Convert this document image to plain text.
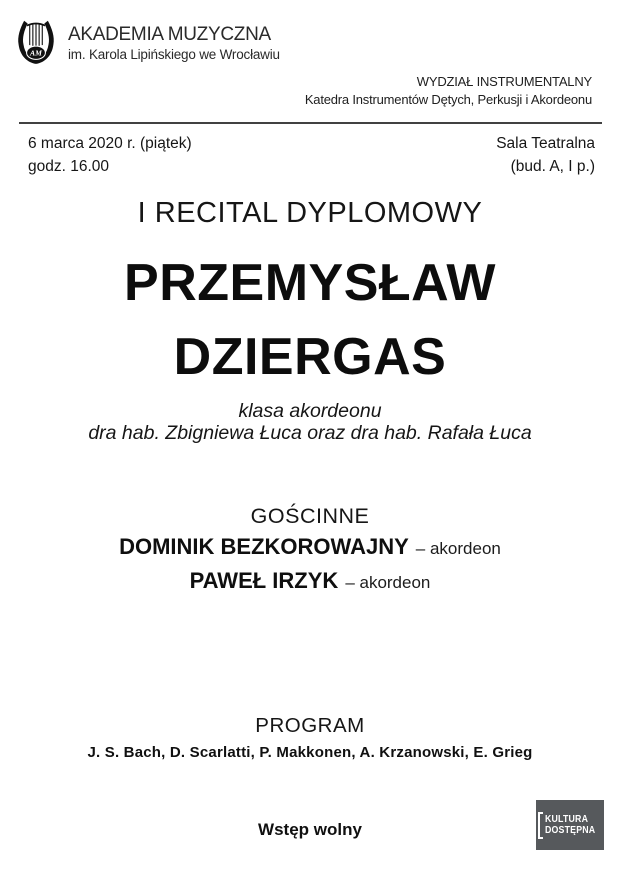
AM
AKADEMIA MUZYCZNA
im. Karola Lipińskiego we Wrocławiu
WYDZIAŁ INSTRUMENTALNY
Katedra Instrumentów Dętych, Perkusji i Akordeonu
6 marca 2020 r. (piątek)
godz. 16.00
Sala Teatralna
(bud. A, I p.)
I RECITAL DYPLOMOWY
PRZEMYSŁAW
DZIERGAS
klasa akordeonu
dra hab. Zbigniewa Łuca oraz dra hab. Rafała Łuca
GOŚCINNE
DOMINIK BEZKOROWAJNY – akordeon
PAWEŁ IRZYK – akordeon
PROGRAM
J. S. Bach, D. Scarlatti, P. Makkonen, A. Krzanowski, E. Grieg
Wstęp wolny
KULTURA
DOSTĘPNA
